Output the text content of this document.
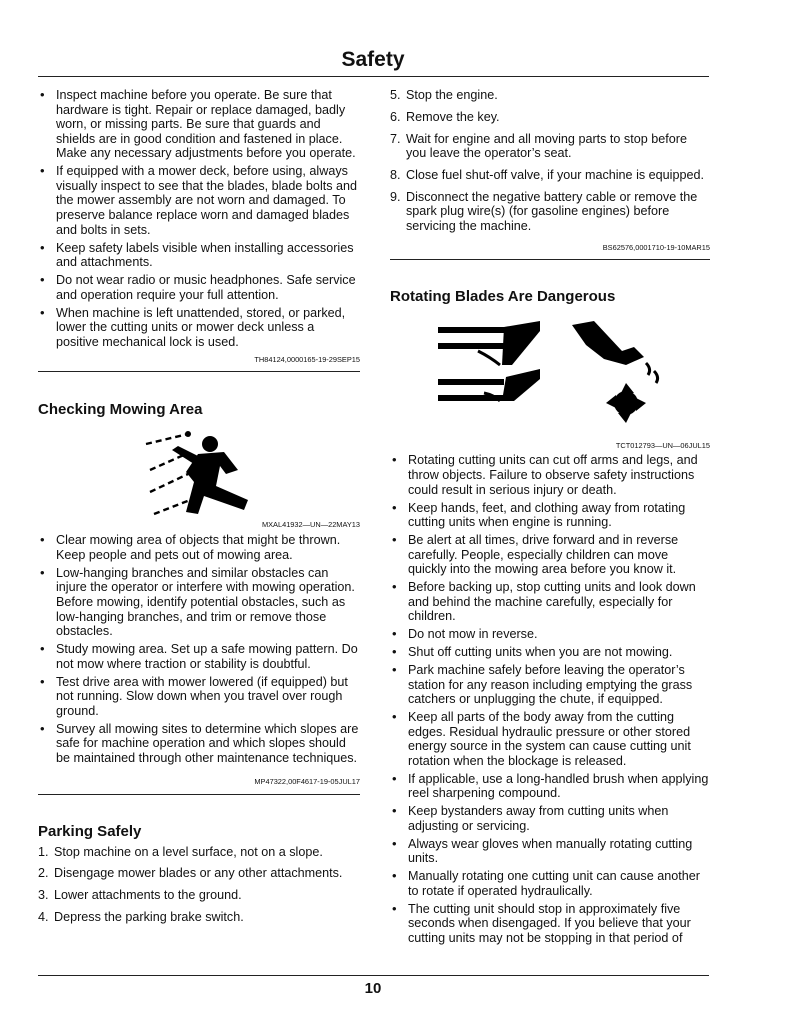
Safety
• Inspect machine before you operate. Be sure that hardware is tight. Repair or replace damaged, badly worn, or missing parts. Be sure that guards and shields are in good condition and fastened in place. Make any necessary adjustments before you operate.
• If equipped with a mower deck, before using, always visually inspect to see that the blades, blade bolts and the mower assembly are not worn and damaged. To preserve balance replace worn and damaged blades and bolts in sets.
• Keep safety labels visible when installing accessories and attachments.
• Do not wear radio or music headphones. Safe service and operation require your full attention.
• When machine is left unattended, stored, or parked, lower the cutting units or mower deck unless a positive mechanical lock is used.
TH84124,0000165-19-29SEP15
Checking Mowing Area
MXAL41932—UN—22MAY13
• Clear mowing area of objects that might be thrown. Keep people and pets out of mowing area.
• Low-hanging branches and similar obstacles can injure the operator or interfere with mowing operation. Before mowing, identify potential obstacles, such as low-hanging branches, and trim or remove those obstacles.
• Study mowing area. Set up a safe mowing pattern. Do not mow where traction or stability is doubtful.
• Test drive area with mower lowered (if equipped) but not running. Slow down when you travel over rough ground.
• Survey all mowing sites to determine which slopes are safe for machine operation and which slopes should be maintained through other maintenance techniques.
MP47322,00F4617-19-05JUL17
Parking Safely
1. Stop machine on a level surface, not on a slope.
2. Disengage mower blades or any other attachments.
3. Lower attachments to the ground.
4. Depress the parking brake switch.
5. Stop the engine.
6. Remove the key.
7. Wait for engine and all moving parts to stop before you leave the operator’s seat.
8. Close fuel shut-off valve, if your machine is equipped.
9. Disconnect the negative battery cable or remove the spark plug wire(s) (for gasoline engines) before servicing the machine.
BS62576,0001710-19-10MAR15
Rotating Blades Are Dangerous
TCT012793—UN—06JUL15
• Rotating cutting units can cut off arms and legs, and throw objects. Failure to observe safety instructions could result in serious injury or death.
• Keep hands, feet, and clothing away from rotating cutting units when engine is running.
• Be alert at all times, drive forward and in reverse carefully. People, especially children can move quickly into the mowing area before you know it.
• Before backing up, stop cutting units and look down and behind the machine carefully, especially for children.
• Do not mow in reverse.
• Shut off cutting units when you are not mowing.
• Park machine safely before leaving the operator’s station for any reason including emptying the grass catchers or unplugging the chute, if equipped.
• Keep all parts of the body away from the cutting edges. Residual hydraulic pressure or other stored energy source in the system can cause cutting unit rotation when the blockage is released.
• If applicable, use a long-handled brush when applying reel sharpening compound.
• Keep bystanders away from cutting units when adjusting or servicing.
• Always wear gloves when manually rotating cutting units.
• Manually rotating one cutting unit can cause another to rotate if operated hydraulically.
• The cutting unit should stop in approximately five seconds when disengaged. If you believe that your cutting units may not be stopping in that period of
10
